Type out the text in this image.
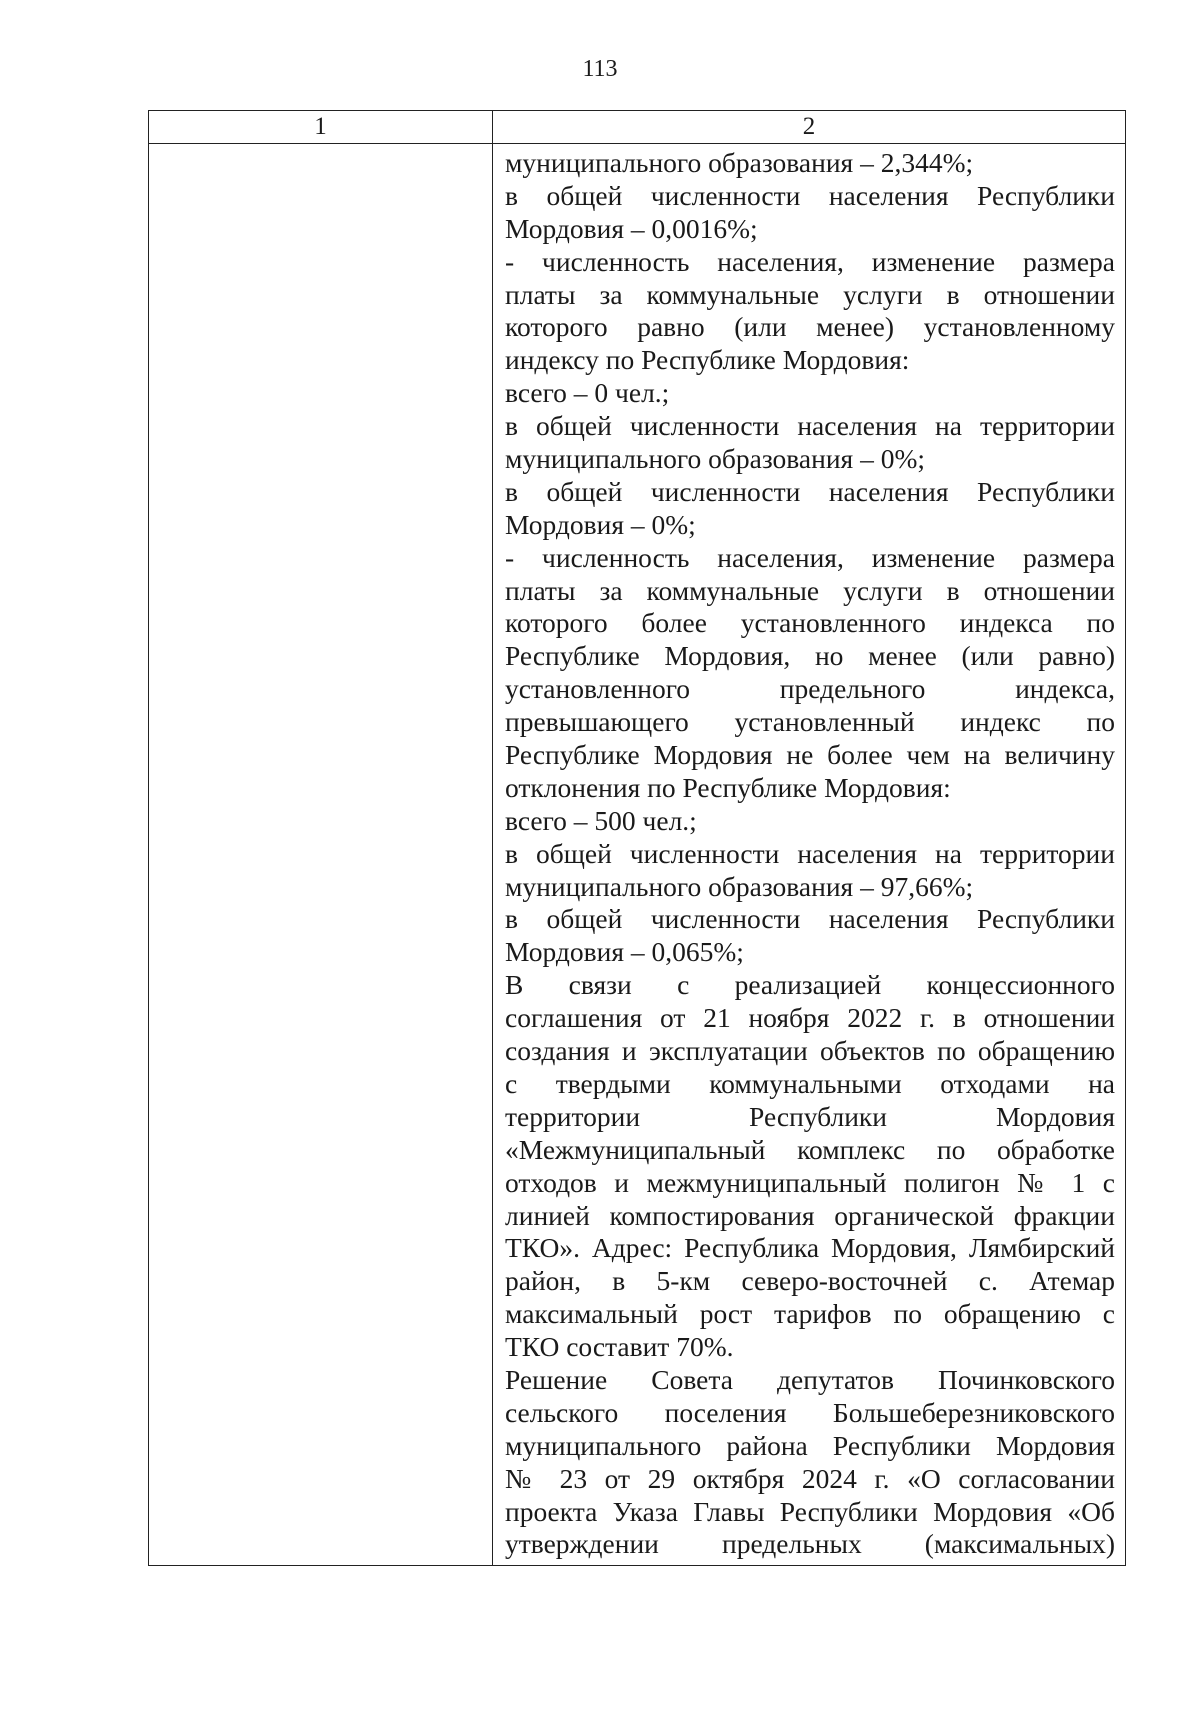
113
1	2
муниципального образования – 2,344%;
в общей численности населения Республики
Мордовия – 0,0016%;
- численность населения, изменение размера
платы за коммунальные услуги в отношении
которого равно (или менее) установленному
индексу по Республике Мордовия:
всего – 0 чел.;
в общей численности населения на территории
муниципального образования – 0%;
в общей численности населения Республики
Мордовия – 0%;
- численность населения, изменение размера
платы за коммунальные услуги в отношении
которого более установленного индекса по
Республике Мордовия, но менее (или равно)
установленного предельного индекса,
превышающего установленный индекс по
Республике Мордовия не более чем на величину
отклонения по Республике Мордовия:
всего – 500 чел.;
в общей численности населения на территории
муниципального образования – 97,66%;
в общей численности населения Республики
Мордовия – 0,065%;
В связи с реализацией концессионного
соглашения от 21 ноября 2022 г. в отношении
создания и эксплуатации объектов по обращению
с твердыми коммунальными отходами на
территории Республики Мордовия
«Межмуниципальный комплекс по обработке
отходов и межмуниципальный полигон № 1 с
линией компостирования органической фракции
ТКО». Адрес: Республика Мордовия, Лямбирский
район, в 5-км северо-восточней с. Атемар
максимальный рост тарифов по обращению с
ТКО составит 70%.
Решение Совета депутатов Починковского
сельского поселения Большеберезниковского
муниципального района Республики Мордовия
№ 23 от 29 октября 2024 г. «О согласовании
проекта Указа Главы Республики Мордовия «Об
утверждении предельных (максимальных)
